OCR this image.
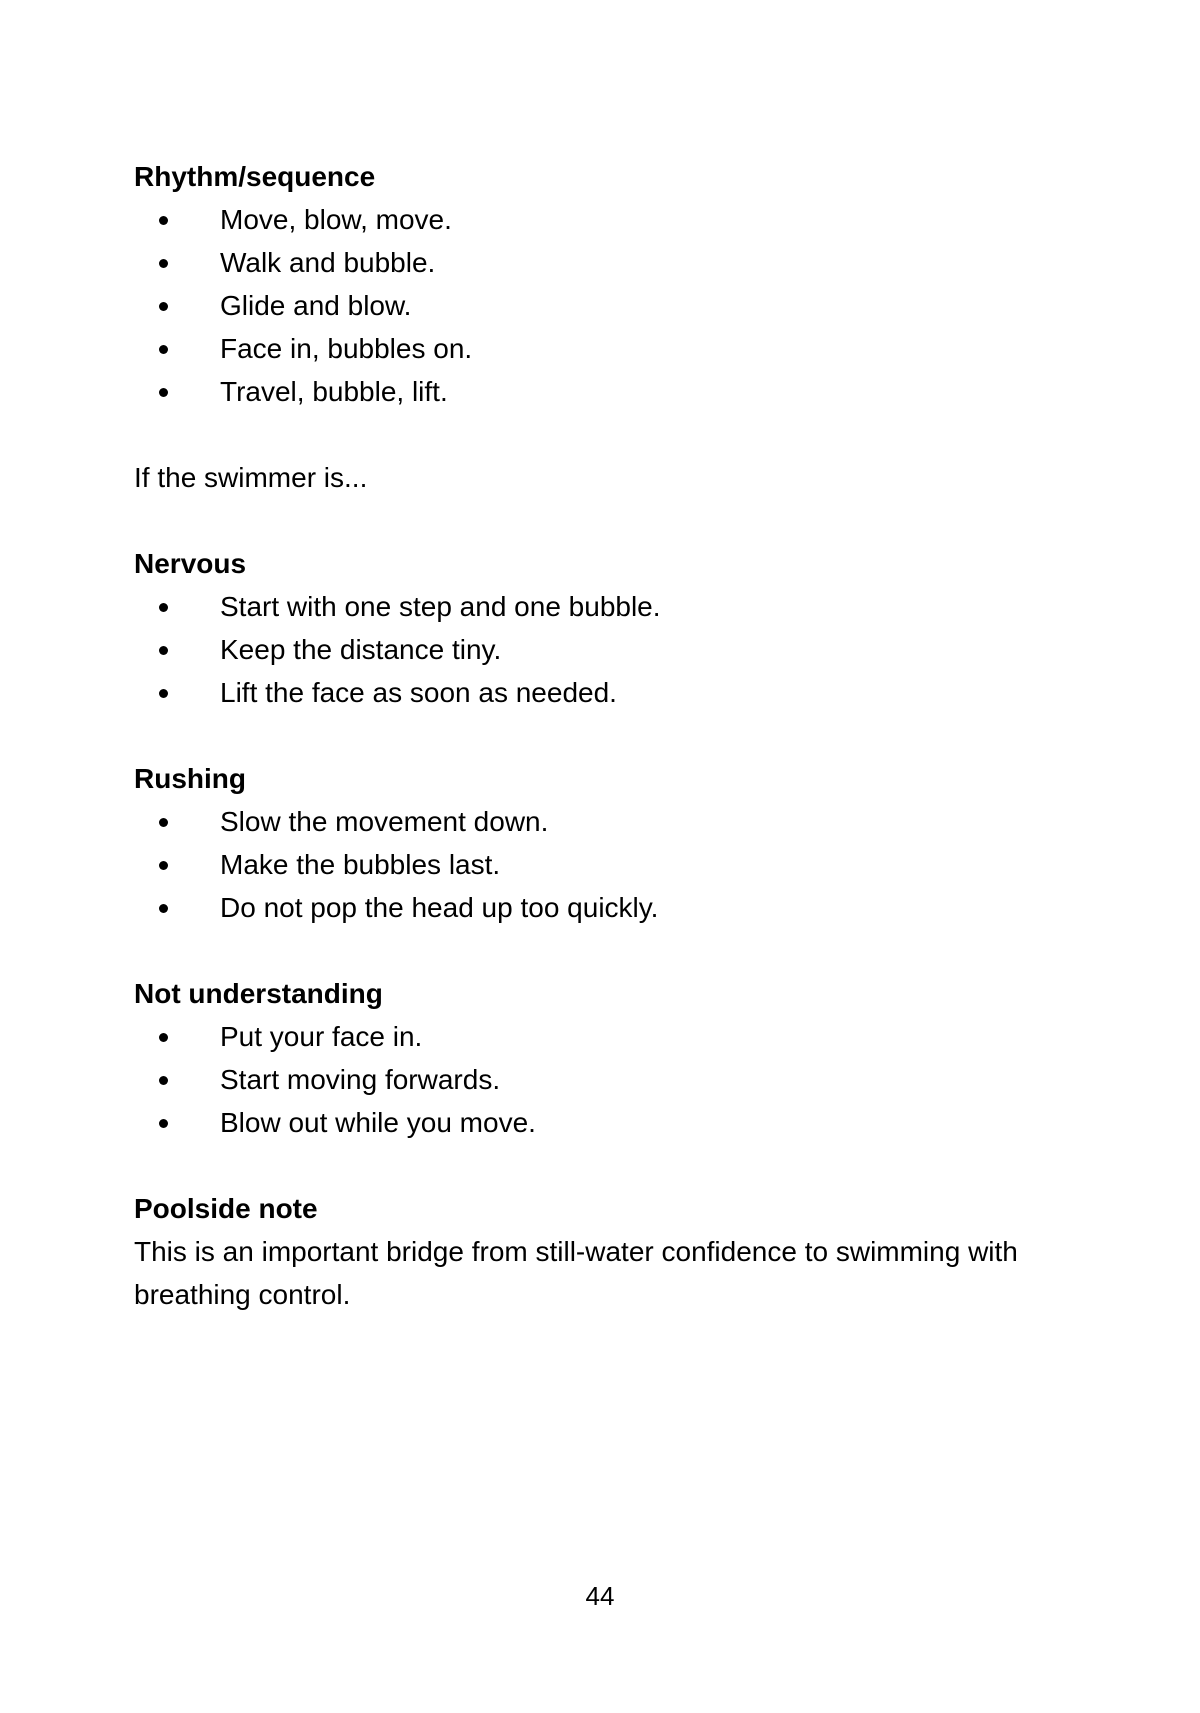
Rhythm/sequence
Move, blow, move.
Walk and bubble.
Glide and blow.
Face in, bubbles on.
Travel, bubble, lift.

If the swimmer is...

Nervous
Start with one step and one bubble.
Keep the distance tiny.
Lift the face as soon as needed.
Rushing
Slow the movement down.
Make the bubbles last.
Do not pop the head up too quickly.
Not understanding
Put your face in.
Start moving forwards.
Blow out while you move.
Poolside note

This is an important bridge from still-water confidence to swimming with breathing control.

44
